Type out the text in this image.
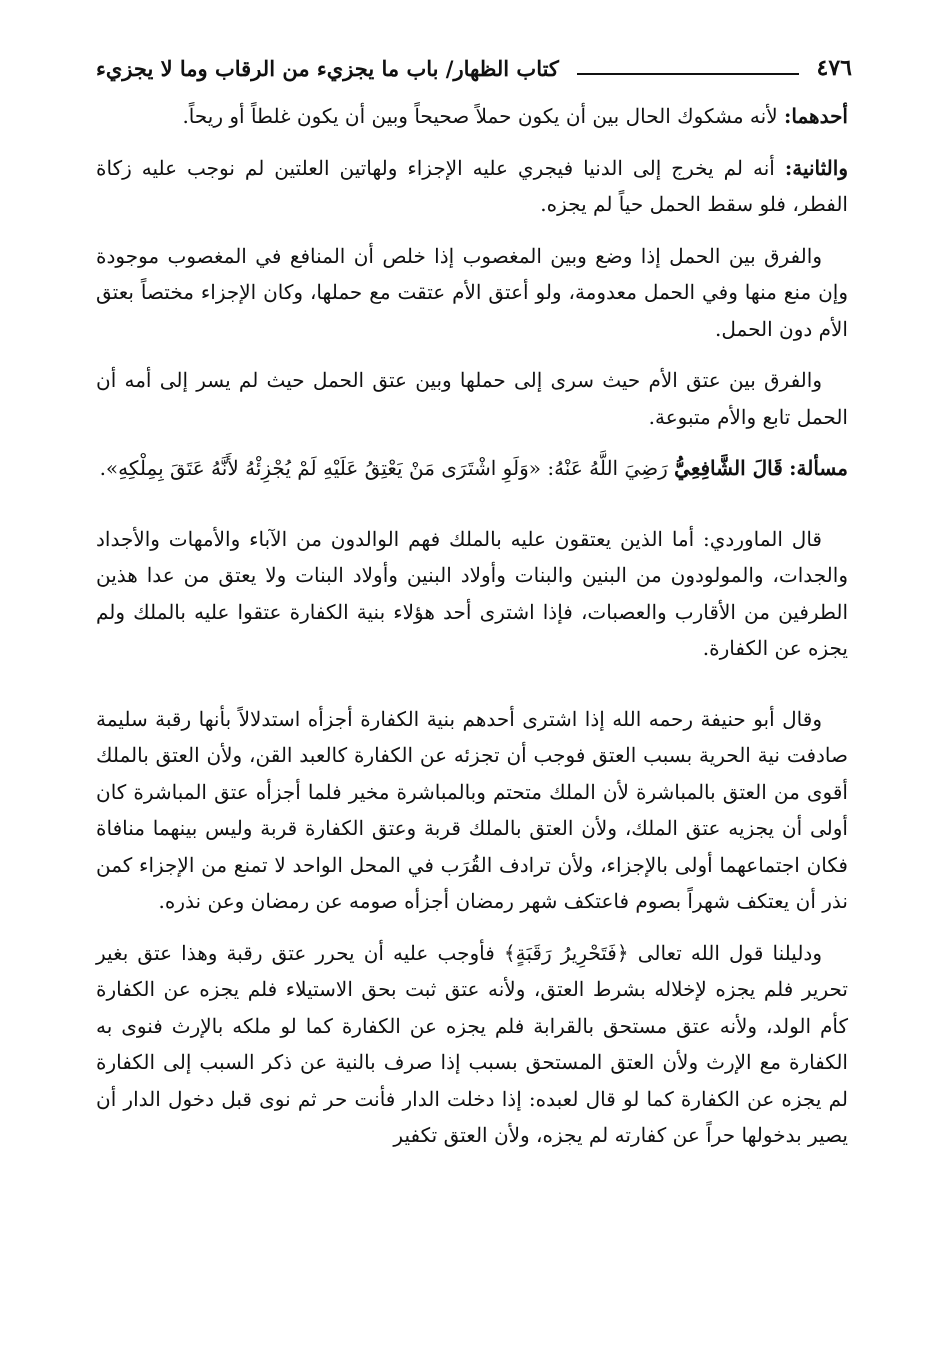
٤٧٦
كتاب الظهار/ باب ما يجزيء من الرقاب وما لا يجزيء

أحدهما: لأنه مشكوك الحال بين أن يكون حملاً صحيحاً وبين أن يكون غلطاً أو ريحاً.

والثانية: أنه لم يخرج إلى الدنيا فيجري عليه الإجزاء ولهاتين العلتين لم نوجب عليه زكاة الفطر، فلو سقط الحمل حياً لم يجزه.

والفرق بين الحمل إذا وضع وبين المغصوب إذا خلص أن المنافع في المغصوب موجودة وإن منع منها وفي الحمل معدومة، ولو أعتق الأم عتقت مع حملها، وكان الإجزاء مختصاً بعتق الأم دون الحمل.

والفرق بين عتق الأم حيث سرى إلى حملها وبين عتق الحمل حيث لم يسر إلى أمه أن الحمل تابع والأم متبوعة.

مسألة: قَالَ الشَّافِعِيُّ رَضِيَ اللَّهُ عَنْهُ: «وَلَوِ اشْتَرَى مَنْ يَعْتِقُ عَلَيْهِ لَمْ يُجْزِئْهُ لأَنَّهُ عَتَقَ بِمِلْكِهِ».

قال الماوردي: أما الذين يعتقون عليه بالملك فهم الوالدون من الآباء والأمهات والأجداد والجدات، والمولودون من البنين والبنات وأولاد البنين وأولاد البنات ولا يعتق من عدا هذين الطرفين من الأقارب والعصبات، فإذا اشترى أحد هؤلاء بنية الكفارة عتقوا عليه بالملك ولم يجزه عن الكفارة.

وقال أبو حنيفة رحمه الله إذا اشترى أحدهم بنية الكفارة أجزأه استدلالاً بأنها رقبة سليمة صادفت نية الحرية بسبب العتق فوجب أن تجزئه عن الكفارة كالعبد القن، ولأن العتق بالملك أقوى من العتق بالمباشرة لأن الملك متحتم وبالمباشرة مخير فلما أجزأه عتق المباشرة كان أولى أن يجزيه عتق الملك، ولأن العتق بالملك قربة وعتق الكفارة قربة وليس بينهما منافاة فكان اجتماعهما أولى بالإجزاء، ولأن ترادف القُرَب في المحل الواحد لا تمنع من الإجزاء كمن نذر أن يعتكف شهراً بصوم فاعتكف شهر رمضان أجزأه صومه عن رمضان وعن نذره.

ودليلنا قول الله تعالى ﴿فَتَحْرِيرُ رَقَبَةٍ﴾ فأوجب عليه أن يحرر عتق رقبة وهذا عتق بغير تحرير فلم يجزه لإخلاله بشرط العتق، ولأنه عتق ثبت بحق الاستيلاء فلم يجزه عن الكفارة كأم الولد، ولأنه عتق مستحق بالقرابة فلم يجزه عن الكفارة كما لو ملكه بالإرث فنوى به الكفارة مع الإرث ولأن العتق المستحق بسبب إذا صرف بالنية عن ذكر السبب إلى الكفارة لم يجزه عن الكفارة كما لو قال لعبده: إذا دخلت الدار فأنت حر ثم نوى قبل دخول الدار أن يصير بدخولها حراً عن كفارته لم يجزه، ولأن العتق تكفير
